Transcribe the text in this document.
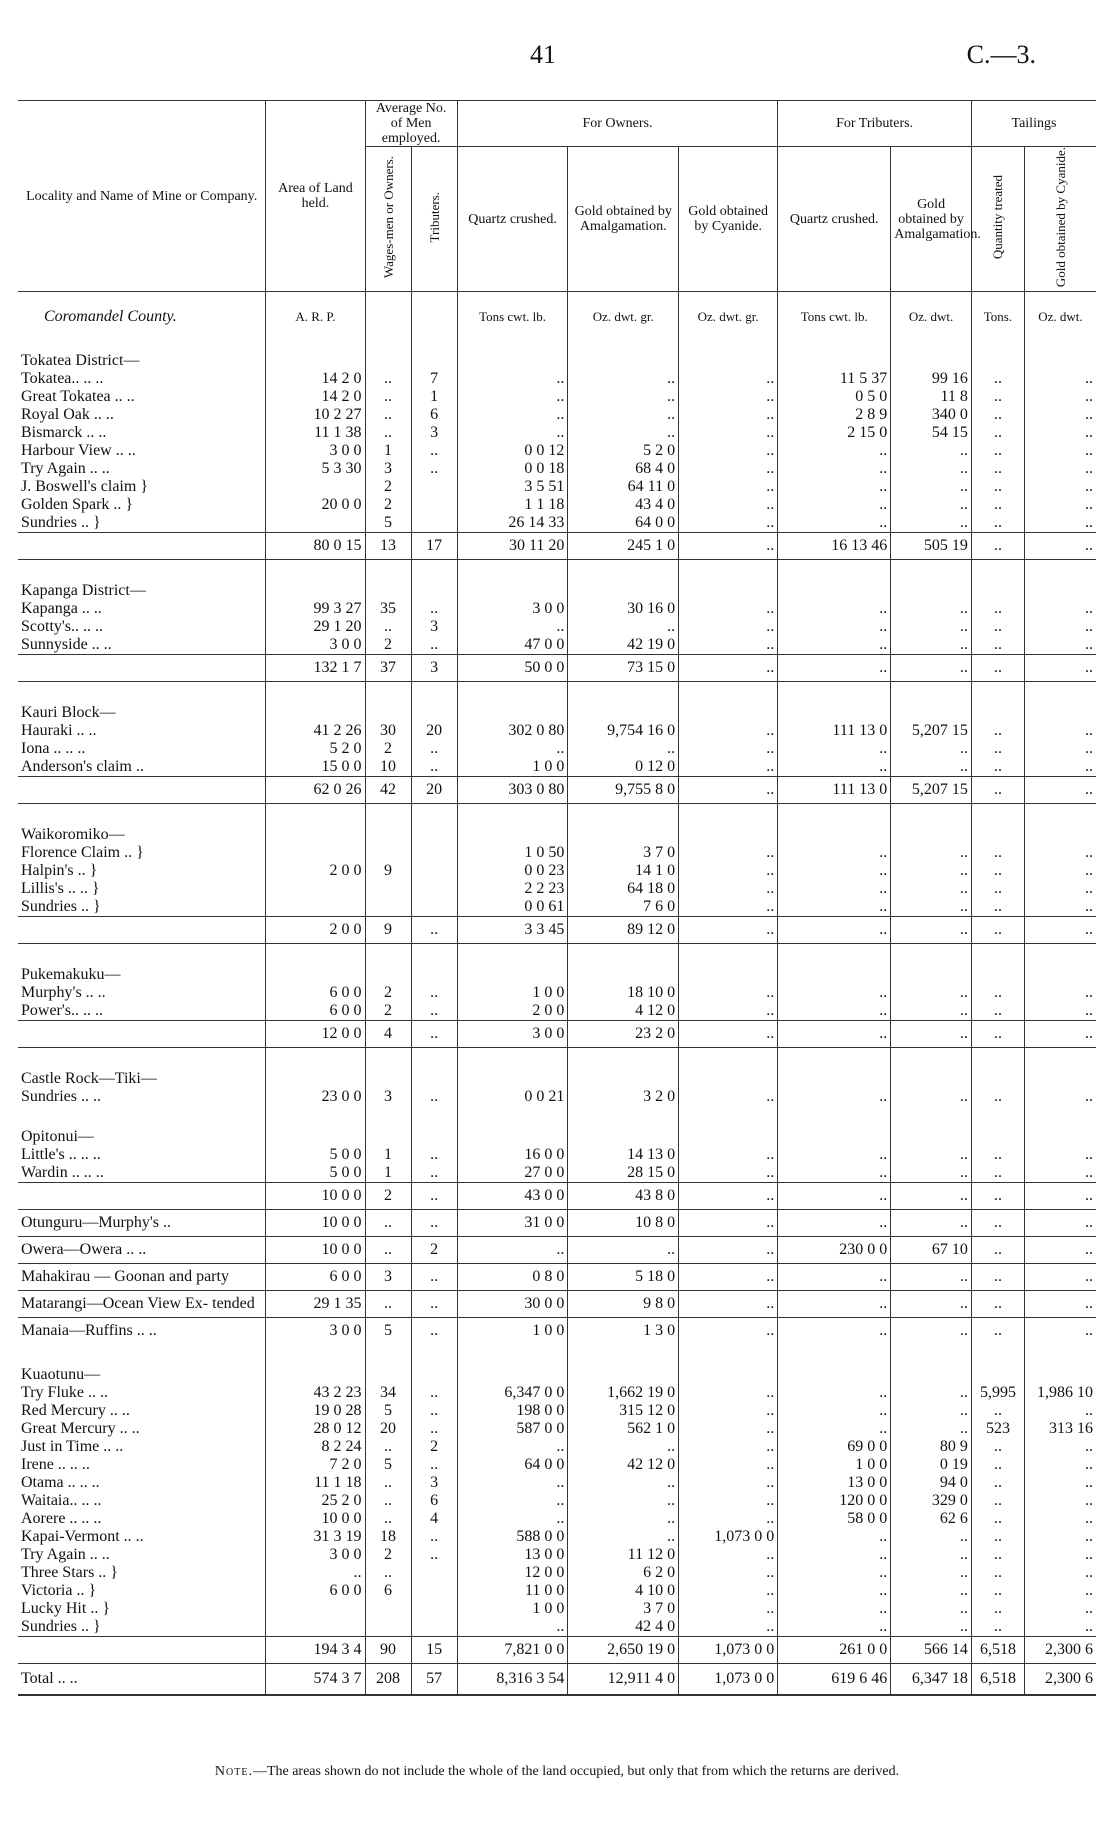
41	C.—3.
Locality and Name of Mine or Company.	Area of Land held.	Average No. of Men employed.		For Owners.			For Tributers.		Tailings	
		Wages-men or Owners.	Tributers.	Quartz crushed.	Gold obtained by Amalgamation.	Gold obtained by Cyanide.	Quartz crushed.	Gold obtained by Amalgamation.	Quantity treated	Gold obtained by Cyanide.
Coromandel County.	A. R. P.			Tons cwt. lb.	Oz. dwt. gr.	Oz. dwt. gr.	Tons cwt. lb.	Oz. dwt.	Tons.	Oz. dwt.
Tokatea District—										
Tokatea.. .. ..	14 2 0	..	7	..	..	..	11 5 37	99 16	..	..
Great Tokatea .. ..	14 2 0	..	1	..	..	..	0 5 0	11 8	..	..
Royal Oak .. ..	10 2 27	..	6	..	..	..	2 8 9	340 0	..	..
Bismarck .. ..	11 1 38	..	3	..	..	..	2 15 0	54 15	..	..
Harbour View .. ..	3 0 0	1	..	0 0 12	5 2 0	..	..	..	..	..
Try Again .. ..	5 3 30	3	..	0 0 18	68 4 0	..	..	..	..	..
J. Boswell's claim }		2		3 5 51	64 11 0	..	..	..	..	..
Golden Spark .. }	20 0 0	2		1 1 18	43 4 0	..	..	..	..	..
Sundries .. }		5		26 14 33	64 0 0	..	..	..	..	..
	80 0 15	13	17	30 11 20	245 1 0	..	16 13 46	505 19	..	..
Kapanga District—										
Kapanga .. ..	99 3 27	35	..	3 0 0	30 16 0	..	..	..	..	..
Scotty's.. .. ..	29 1 20	..	3	..	..	..	..	..	..	..
Sunnyside .. ..	3 0 0	2	..	47 0 0	42 19 0	..	..	..	..	..
	132 1 7	37	3	50 0 0	73 15 0	..	..	..	..	..
Kauri Block—										
Hauraki .. ..	41 2 26	30	20	302 0 80	9,754 16 0	..	111 13 0	5,207 15	..	..
Iona .. .. ..	5 2 0	2	..	..	..	..	..	..	..	..
Anderson's claim ..	15 0 0	10	..	1 0 0	0 12 0	..	..	..	..	..
	62 0 26	42	20	303 0 80	9,755 8 0	..	111 13 0	5,207 15	..	..
Waikoromiko—										
Florence Claim .. }				1 0 50	3 7 0	..	..	..	..	..
Halpin's .. }	2 0 0	9		0 0 23	14 1 0	..	..	..	..	..
Lillis's .. .. }				2 2 23	64 18 0	..	..	..	..	..
Sundries .. }				0 0 61	7 6 0	..	..	..	..	..
	2 0 0	9	..	3 3 45	89 12 0	..	..	..	..	..
Pukemakuku—										
Murphy's .. ..	6 0 0	2	..	1 0 0	18 10 0	..	..	..	..	..
Power's.. .. ..	6 0 0	2	..	2 0 0	4 12 0	..	..	..	..	..
	12 0 0	4	..	3 0 0	23 2 0	..	..	..	..	..
Castle Rock—Tiki—										
Sundries .. ..	23 0 0	3	..	0 0 21	3 2 0	..	..	..	..	..
Opitonui—										
Little's .. .. ..	5 0 0	1	..	16 0 0	14 13 0	..	..	..	..	..
Wardin .. .. ..	5 0 0	1	..	27 0 0	28 15 0	..	..	..	..	..
	10 0 0	2	..	43 0 0	43 8 0	..	..	..	..	..
Otunguru—Murphy's ..	10 0 0	..	..	31 0 0	10 8 0	..	..	..	..	..
Owera—Owera .. ..	10 0 0	..	2	..	..	..	230 0 0	67 10	..	..
Mahakirau — Goonan and party	6 0 0	3	..	0 8 0	5 18 0	..	..	..	..	..
Matarangi—Ocean View Ex- tended	29 1 35	..	..	30 0 0	9 8 0	..	..	..	..	..
Manaia—Ruffins .. ..	3 0 0	5	..	1 0 0	1 3 0	..	..	..	..	..
Kuaotunu—										
Try Fluke .. ..	43 2 23	34	..	6,347 0 0	1,662 19 0	..	..	..	5,995	1,986 10
Red Mercury .. ..	19 0 28	5	..	198 0 0	315 12 0	..	..	..	..	..
Great Mercury .. ..	28 0 12	20	..	587 0 0	562 1 0	..	..	..	523	313 16
Just in Time .. ..	8 2 24	..	2	..	..	..	69 0 0	80 9	..	..
Irene .. .. ..	7 2 0	5	..	64 0 0	42 12 0	..	1 0 0	0 19	..	..
Otama .. .. ..	11 1 18	..	3	..	..	..	13 0 0	94 0	..	..
Waitaia.. .. ..	25 2 0	..	6	..	..	..	120 0 0	329 0	..	..
Aorere .. .. ..	10 0 0	..	4	..	..	..	58 0 0	62 6	..	..
Kapai-Vermont .. ..	31 3 19	18	..	588 0 0	..	1,073 0 0	..	..	..	..
Try Again .. ..	3 0 0	2	..	13 0 0	11 12 0	..	..	..	..	..
Three Stars .. }	..	..		12 0 0	6 2 0	..	..	..	..	..
Victoria .. }	6 0 0	6		11 0 0	4 10 0	..	..	..	..	..
Lucky Hit .. }				1 0 0	3 7 0	..	..	..	..	..
Sundries .. }				..	42 4 0	..	..	..	..	..
	194 3 4	90	15	7,821 0 0	2,650 19 0	1,073 0 0	261 0 0	566 14	6,518	2,300 6
Total .. ..	574 3 7	208	57	8,316 3 54	12,911 4 0	1,073 0 0	619 6 46	6,347 18	6,518	2,300 6
Note.—The areas shown do not include the whole of the land occupied, but only that from which the returns are derived.
